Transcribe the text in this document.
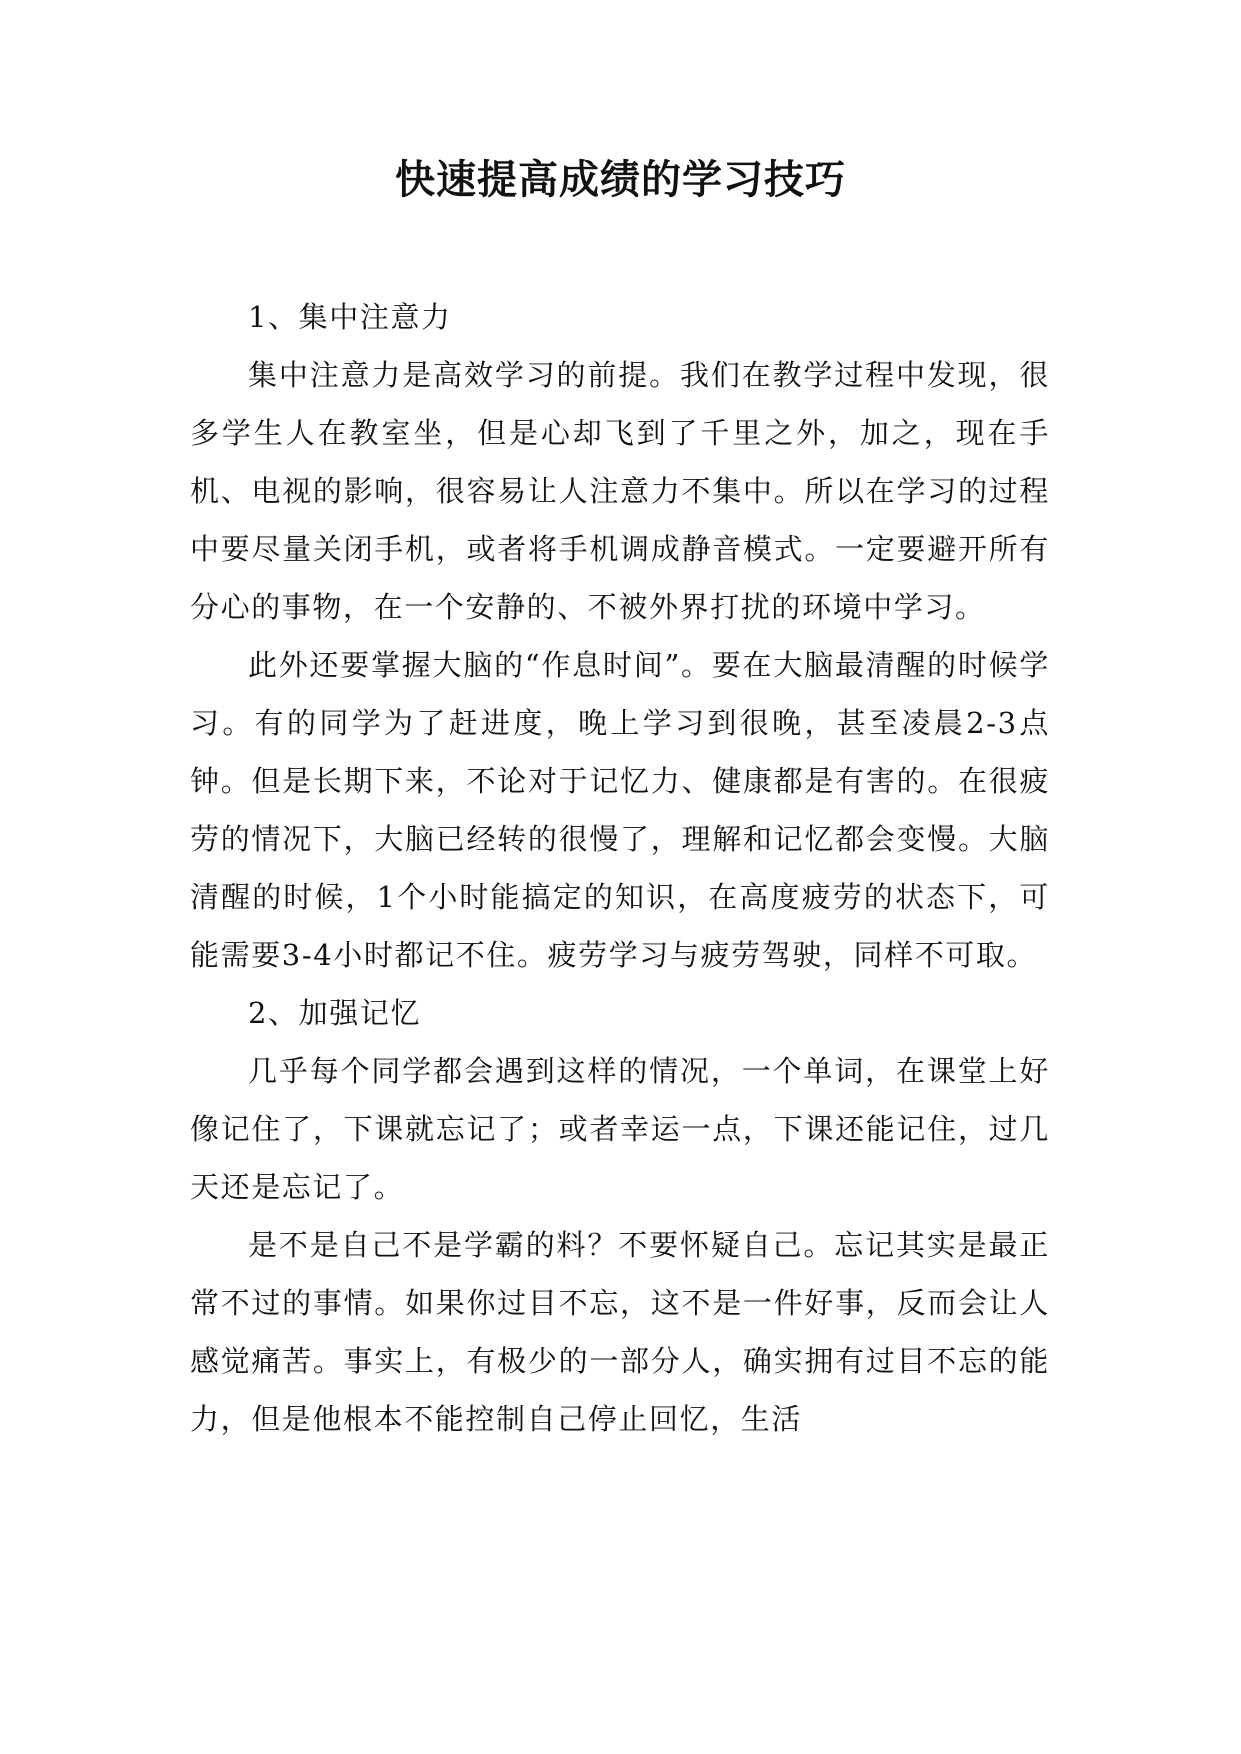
快速提高成绩的学习技巧

1、集中注意力

集中注意力是高效学习的前提。我们在教学过程中发现，很多学生人在教室坐，但是心却飞到了千里之外，加之，现在手机、电视的影响，很容易让人注意力不集中。所以在学习的过程中要尽量关闭手机，或者将手机调成静音模式。一定要避开所有分心的事物，在一个安静的、不被外界打扰的环境中学习。

此外还要掌握大脑的“作息时间”。要在大脑最清醒的时候学习。有的同学为了赶进度，晚上学习到很晚，甚至凌晨2-3点钟。但是长期下来，不论对于记忆力、健康都是有害的。在很疲劳的情况下，大脑已经转的很慢了，理解和记忆都会变慢。大脑清醒的时候，1个小时能搞定的知识，在高度疲劳的状态下，可能需要3-4小时都记不住。疲劳学习与疲劳驾驶，同样不可取。

2、加强记忆

几乎每个同学都会遇到这样的情况，一个单词，在课堂上好像记住了，下课就忘记了；或者幸运一点，下课还能记住，过几天还是忘记了。

是不是自己不是学霸的料？不要怀疑自己。忘记其实是最正常不过的事情。如果你过目不忘，这不是一件好事，反而会让人感觉痛苦。事实上，有极少的一部分人，确实拥有过目不忘的能力，但是他根本不能控制自己停止回忆，生活
